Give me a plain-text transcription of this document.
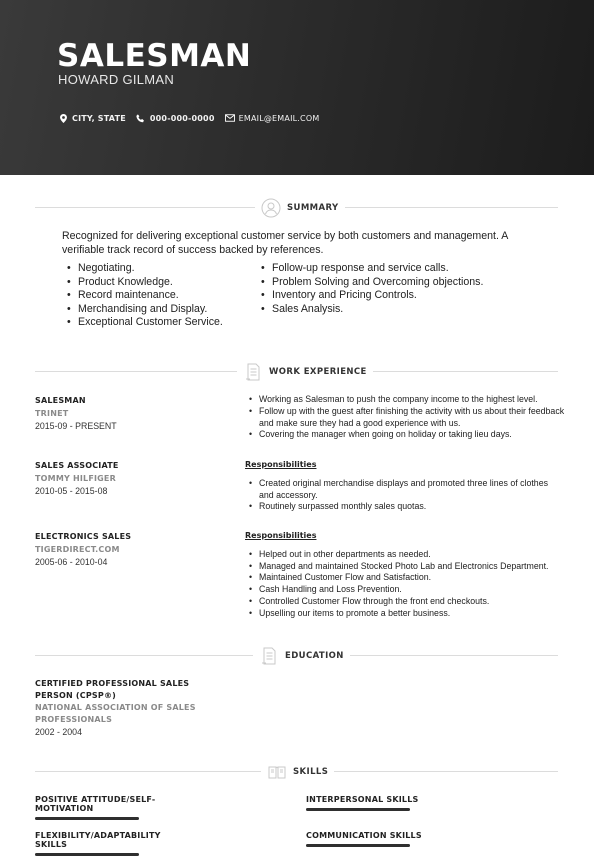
SALESMAN
HOWARD GILMAN
CITY, STATE	000-000-0000	EMAIL@EMAIL.COM
SUMMARY
Recognized for delivering exceptional customer service by both customers and management. A verifiable track record of success backed by references.
• Negotiating.
• Product Knowledge.
• Record maintenance.
• Merchandising and Display.
• Exceptional Customer Service.
• Follow-up response and service calls.
• Problem Solving and Overcoming objections.
• Inventory and Pricing Controls.
• Sales Analysis.
WORK EXPERIENCE
SALESMAN
TRINET
2015-09 - PRESENT
• Working as Salesman to push the company income to the highest level.
• Follow up with the guest after finishing the activity with us about their feedback and make sure they had a good experience with us.
• Covering the manager when going on holiday or taking lieu days.
SALES ASSOCIATE
TOMMY HILFIGER
2010-05 - 2015-08
Responsibilities
• Created original merchandise displays and promoted three lines of clothes and accessory.
• Routinely surpassed monthly sales quotas.
ELECTRONICS SALES
TIGERDIRECT.COM
2005-06 - 2010-04
Responsibilities
• Helped out in other departments as needed.
• Managed and maintained Stocked Photo Lab and Electronics Department.
• Maintained Customer Flow and Satisfaction.
• Cash Handling and Loss Prevention.
• Controlled Customer Flow through the front end checkouts.
• Upselling our items to promote a better business.
EDUCATION
CERTIFIED PROFESSIONAL SALES PERSON (CPSP®)
NATIONAL ASSOCIATION OF SALES PROFESSIONALS
2002 - 2004
SKILLS
POSITIVE ATTITUDE/SELF-MOTIVATION
INTERPERSONAL SKILLS
FLEXIBILITY/ADAPTABILITY SKILLS
COMMUNICATION SKILLS
